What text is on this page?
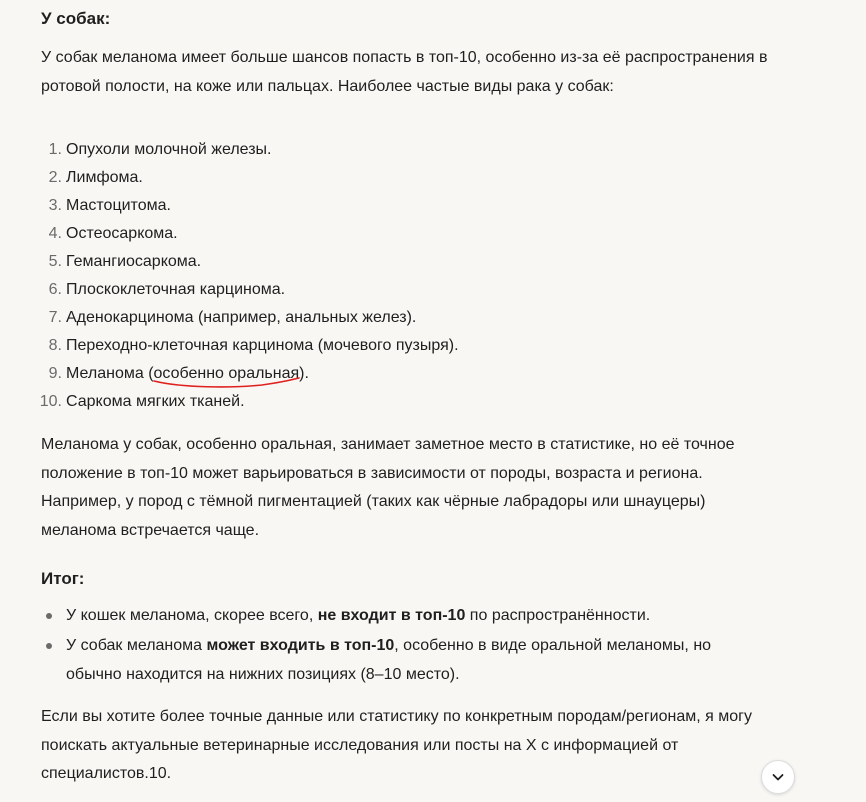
У собак:

У собак меланома имеет больше шансов попасть в топ-10, особенно из-за её распространения в ротовой полости, на коже или пальцах. Наиболее частые виды рака у собак:

1. Опухоли молочной железы.
2. Лимфома.
3. Мастоцитома.
4. Остеосаркома.
5. Гемангиосаркома.
6. Плоскоклеточная карцинома.
7. Аденокарцинома (например, анальных желез).
8. Переходно-клеточная карцинома (мочевого пузыря).
9. Меланома (особенно оральная
).
10. Саркома мягких тканей.

Меланома у собак, особенно оральная, занимает заметное место в статистике, но её точное положение в топ-10 может варьироваться в зависимости от породы, возраста и региона. Например, у пород с тёмной пигментацией (таких как чёрные лабрадоры или шнауцеры) меланома встречается чаще.

Итог:
У кошек меланома, скорее всего, не входит в топ-10 по распространённости.
У собак меланома может входить в топ-10, особенно в виде оральной меланомы, но обычно находится на нижних позициях (8–10 место).

Если вы хотите более точные данные или статистику по конкретным породам/регионам, я могу поискать актуальные ветеринарные исследования или посты на X с информацией от специалистов.10.
